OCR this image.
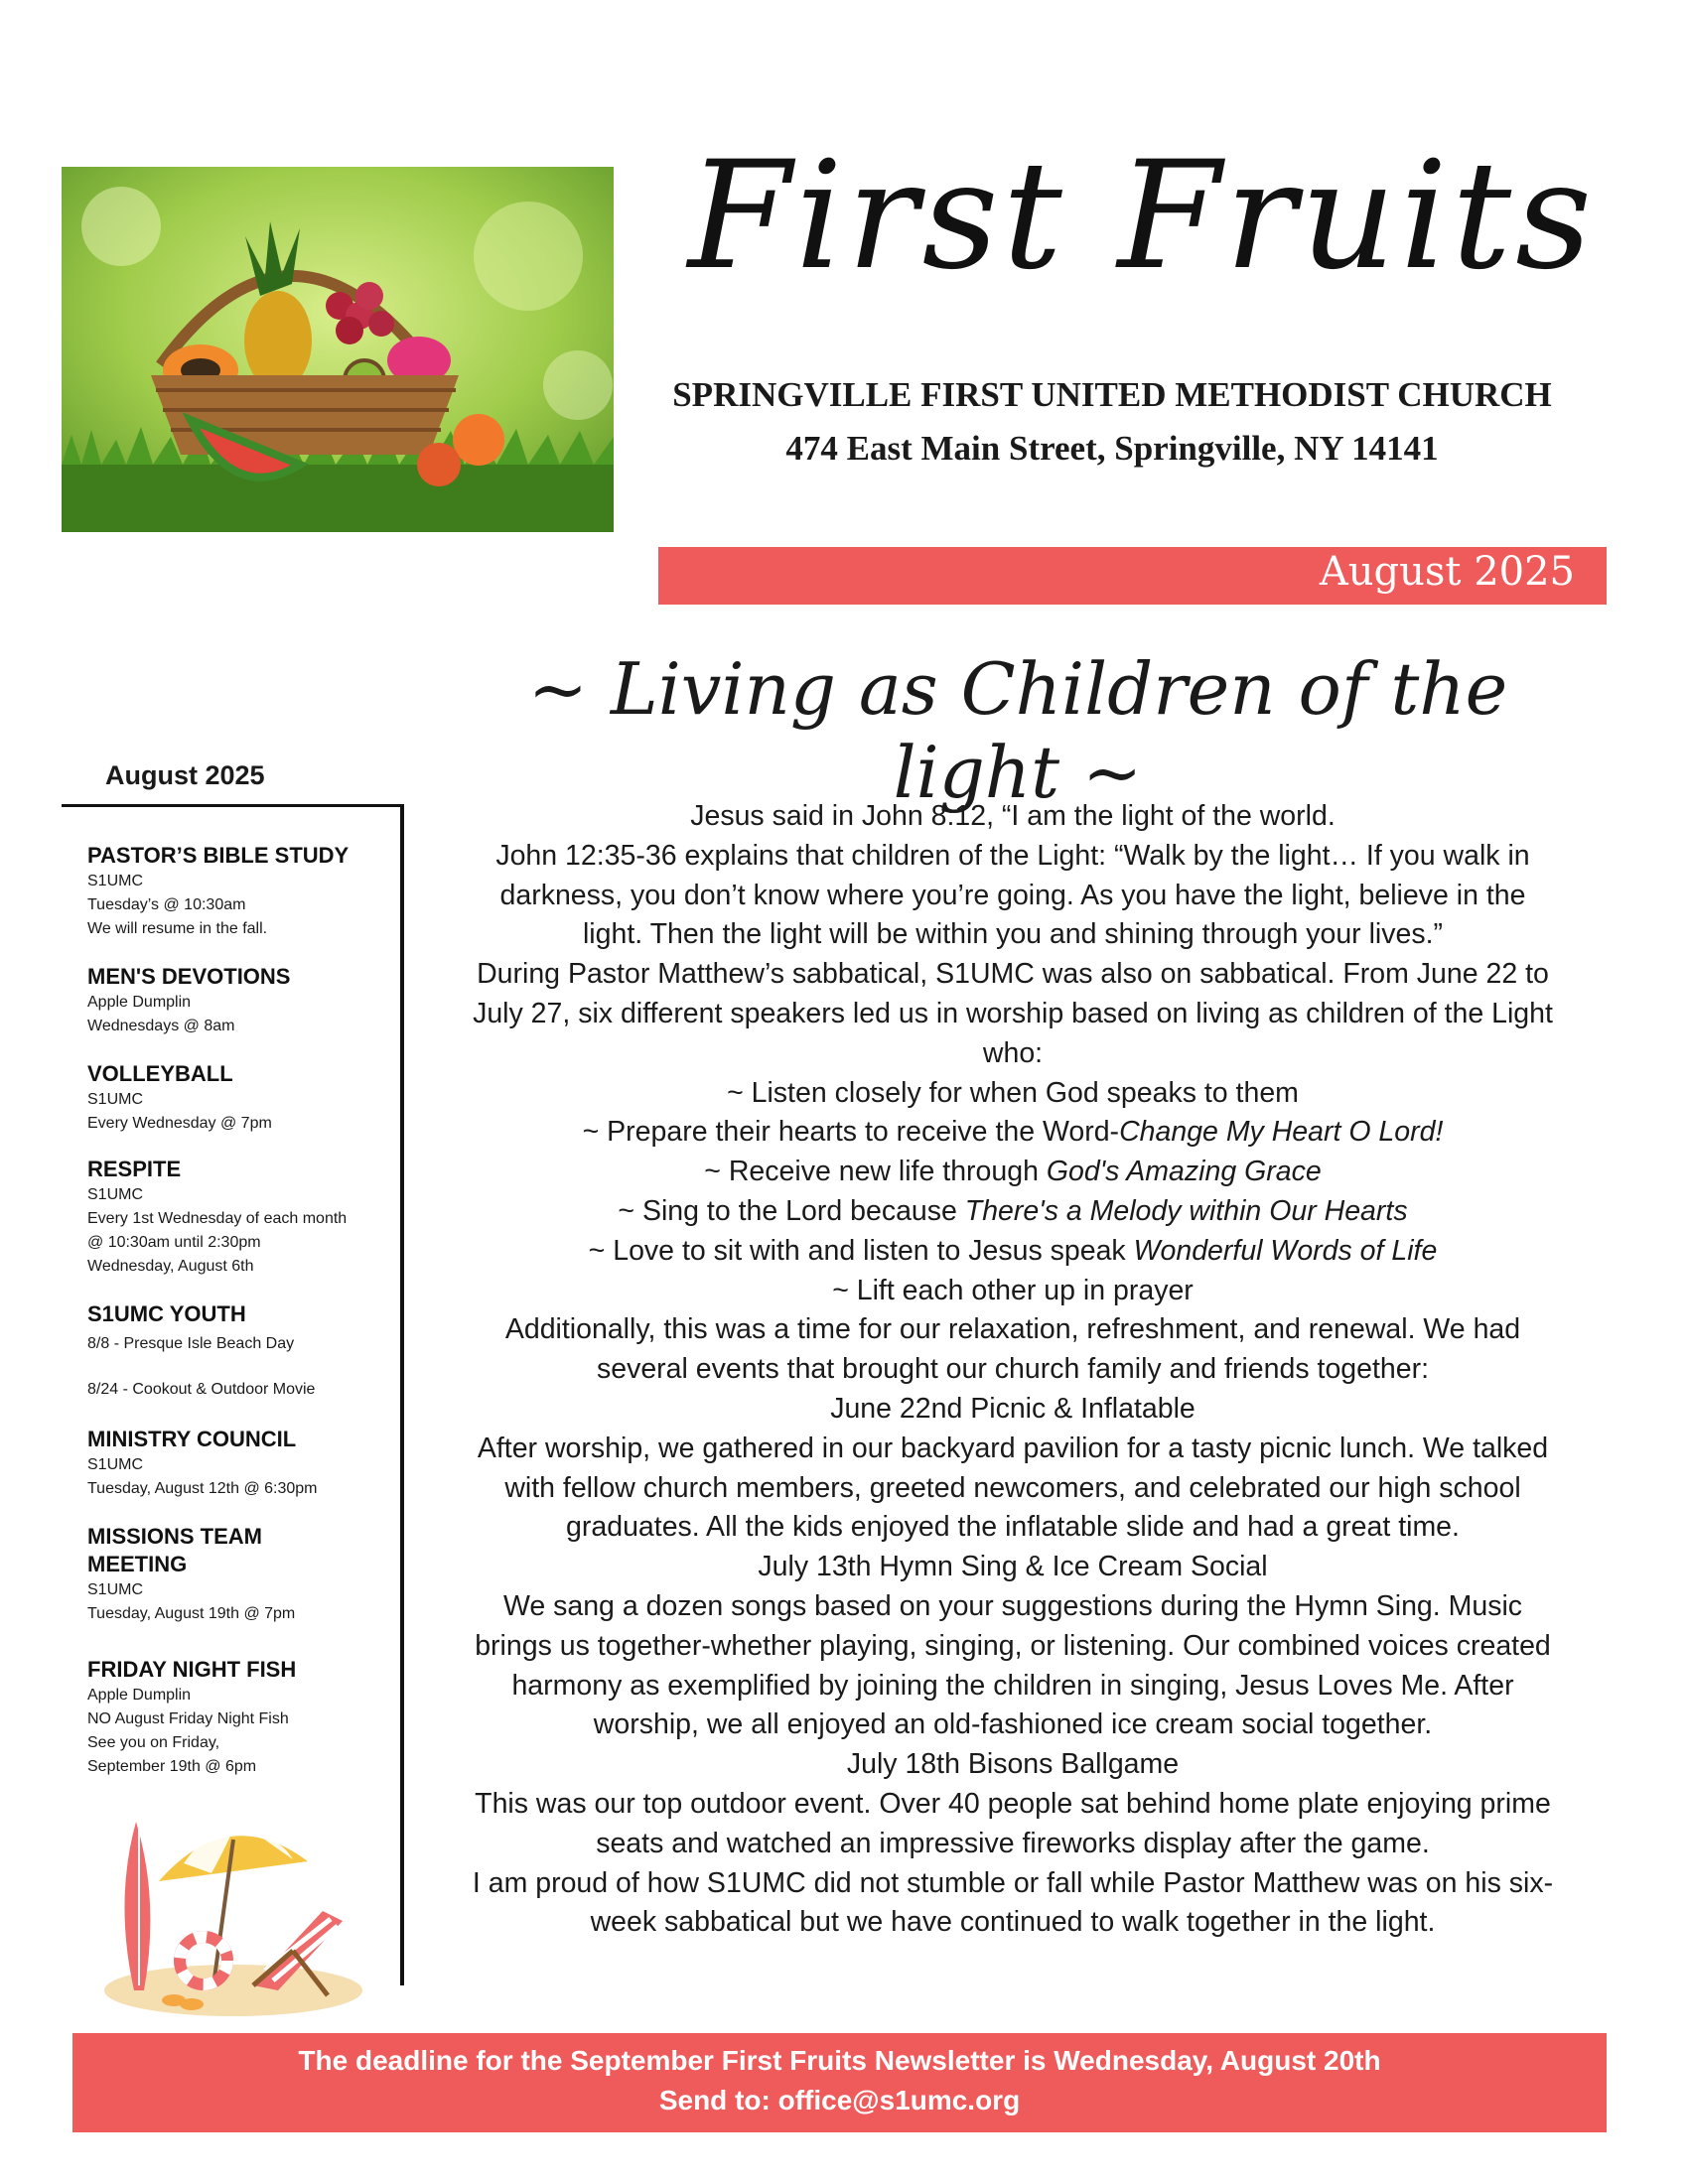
First Fruits
SPRINGVILLE FIRST UNITED METHODIST CHURCH
474 East Main Street, Springville, NY 14141
August 2025
~ Living as Children of the light ~
August 2025
PASTOR’S BIBLE STUDY
S1UMC
Tuesday’s @ 10:30am
We will resume in the fall.
MEN'S DEVOTIONS
Apple Dumplin
Wednesdays @ 8am
VOLLEYBALL
S1UMC
Every Wednesday @ 7pm
RESPITE
S1UMC
Every 1st Wednesday of each month
@ 10:30am until 2:30pm
Wednesday, August 6th
S1UMC YOUTH
8/8 - Presque Isle Beach Day
8/24 - Cookout & Outdoor Movie
MINISTRY COUNCIL
S1UMC
Tuesday, August 12th @ 6:30pm
MISSIONS TEAM MEETING
S1UMC
Tuesday, August 19th @ 7pm
FRIDAY NIGHT FISH
Apple Dumplin
NO August Friday Night Fish
See you on Friday,
September 19th @ 6pm

Jesus said in John 8:12, “I am the light of the world.

John 12:35-36 explains that children of the Light: “Walk by the light… If you walk in darkness, you don’t know where you’re going. As you have the light, believe in the light. Then the light will be within you and shining through your lives.”

During Pastor Matthew’s sabbatical, S1UMC was also on sabbatical. From June 22 to July 27, six different speakers led us in worship based on living as children of the Light who:

~ Listen closely for when God speaks to them

~ Prepare their hearts to receive the Word-Change My Heart O Lord!

~ Receive new life through God's Amazing Grace

~ Sing to the Lord because There's a Melody within Our Hearts

~ Love to sit with and listen to Jesus speak Wonderful Words of Life

~ Lift each other up in prayer

Additionally, this was a time for our relaxation, refreshment, and renewal. We had several events that brought our church family and friends together:

June 22nd Picnic & Inflatable

After worship, we gathered in our backyard pavilion for a tasty picnic lunch. We talked with fellow church members, greeted newcomers, and celebrated our high school graduates. All the kids enjoyed the inflatable slide and had a great time.

July 13th Hymn Sing & Ice Cream Social

We sang a dozen songs based on your suggestions during the Hymn Sing. Music brings us together-whether playing, singing, or listening. Our combined voices created harmony as exemplified by joining the children in singing, Jesus Loves Me. After worship, we all enjoyed an old-fashioned ice cream social together.

July 18th Bisons Ballgame

This was our top outdoor event. Over 40 people sat behind home plate enjoying prime seats and watched an impressive fireworks display after the game.

I am proud of how S1UMC did not stumble or fall while Pastor Matthew was on his six-week sabbatical but we have continued to walk together in the light.

The deadline for the September First Fruits Newsletter is Wednesday, August 20th
Send to: office@s1umc.org
